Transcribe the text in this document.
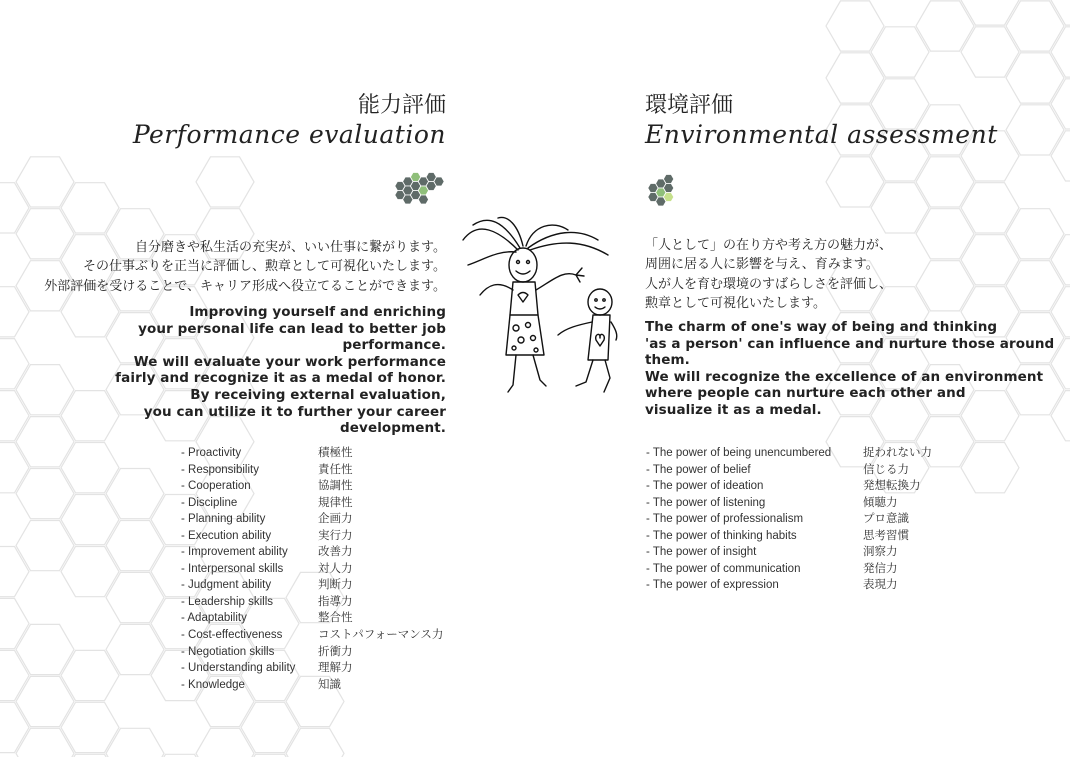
能力評価
Performance evaluation
自分磨きや私生活の充実が、いい仕事に繋がります。
その仕事ぶりを正当に評価し、勲章として可視化いたします。
外部評価を受けることで、キャリア形成へ役立てることができます。
Improving yourself and enriching
your personal life can lead to better job performance.
We will evaluate your work performance
fairly and recognize it as a medal of honor.
By receiving external evaluation,
you can utilize it to further your career development.
- Proactivity
- Responsibility
- Cooperation
- Discipline
- Planning ability
- Execution ability
- Improvement ability
- Interpersonal skills
- Judgment ability
- Leadership skills
- Adaptability
- Cost-effectiveness
- Negotiation skills
- Understanding ability
- Knowledge
積極性
責任性
協調性
規律性
企画力
実行力
改善力
対人力
判断力
指導力
整合性
コストパフォーマンス力
折衝力
理解力
知識
環境評価
Environmental assessment
「人として」の在り方や考え方の魅力が、
周囲に居る人に影響を与え、育みます。
人が人を育む環境のすばらしさを評価し、
勲章として可視化いたします。
The charm of one's way of being and thinking
'as a person' can influence and nurture those around them.
We will recognize the excellence of an environment
where people can nurture each other and
visualize it as a medal.
- The power of being unencumbered
- The power of belief
- The power of ideation
- The power of listening
- The power of professionalism
- The power of thinking habits
- The power of insight
- The power of communication
- The power of expression
捉われない力
信じる力
発想転換力
傾聴力
プロ意識
思考習慣
洞察力
発信力
表現力
